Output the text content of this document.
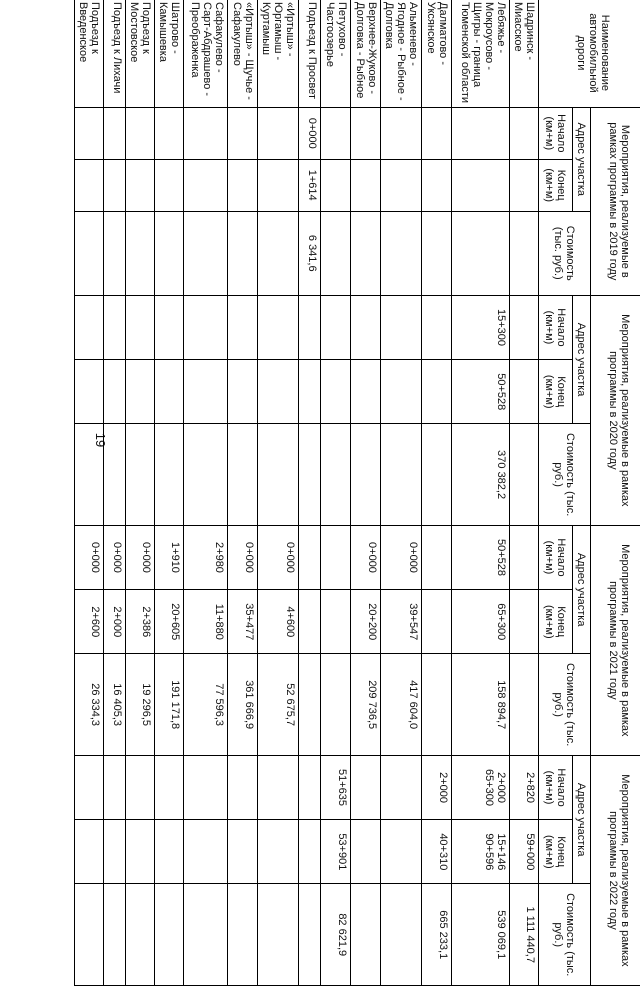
19
Наименование автомобильной дороги	Мероприятия, реализуемые в рамках программы в 2019 году			Мероприятия, реализуемые в рамках программы в 2020 году			Мероприятия, реализуемые в рамках программы в 2021 году			Мероприятия, реализуемые в рамках программы в 2022 году		
	Адрес участка		Стоимость (тыс. руб.)	Адрес участка		Стоимость (тыс. руб.)	Адрес участка		Стоимость (тыс. руб.)	Адрес участка		Стоимость (тыс. руб.)
	Начало (км+м)	Конец (км+м)		Начало (км+м)	Конец (км+м)		Начало (км+м)	Конец (км+м)		Начало (км+м)	Конец (км+м)	
Шадринск - Миасское										2+820	59+000	1 111 440,7
Лебяжье - Мокроусово - Щигры - граница Тюменской области				15+300	50+528	370 382,2	50+528	65+300	158 894,7	2+000 65+300	15+146 90+596	539 069,1
Далматово - Уксянское										2+000	40+310	665 233,1
Альменево - Ягодное - Рыбное - Долговка							0+000	39+547	417 604,0			
Верхнее-Жуково - Долговка - Рыбное							0+000	20+200	209 736,5			
Петухово - Частоозерье										51+635	53+901	82 621,9
Подъезд к Просвет	0+000	1+614	6 341,6									
«Иртыш» - Юргамыш - Куртамыш							0+000	4+600	52 675,7			
«Иртыш» - Щучье - Сафакулево							0+000	35+477	361 666,9			
Сафакулево - Сарт-Абдрашево - Преображенка							2+980	11+880	77 596,3			
Шатрово - Камышевка							1+910	20+605	191 171,8			
Подъезд к Мостовское							0+000	2+386	19 296,5			
Подъезд к Лихачи							0+000	2+000	16 405,3			
Подъезд к Введенское							0+000	2+600	26 334,3			
